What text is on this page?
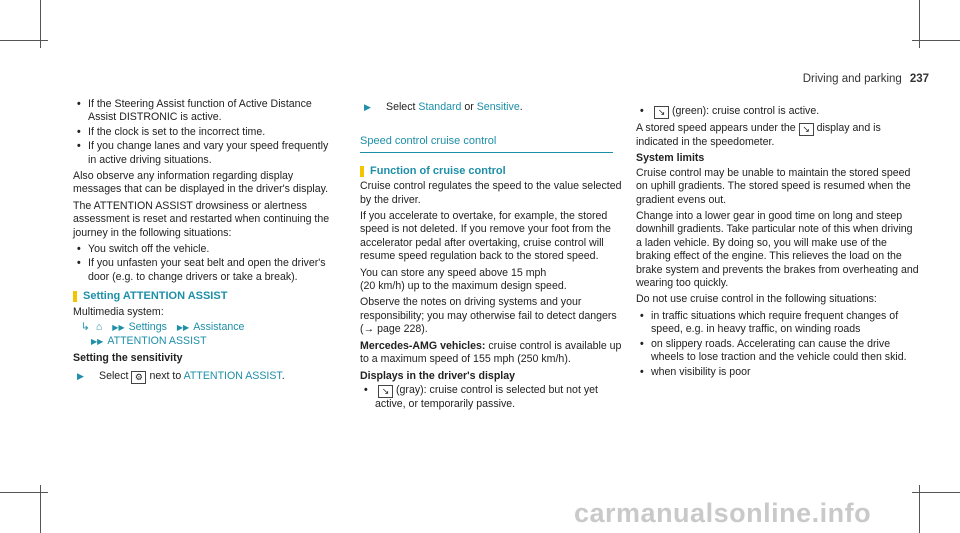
Driving and parking 237
• If the Steering Assist function of Active Distance Assist DISTRONIC is active.
• If the clock is set to the incorrect time.
• If you change lanes and vary your speed frequently in active driving situations.

Also observe any information regarding display messages that can be displayed in the driver's display.

The ATTENTION ASSIST drowsiness or alertness assessment is reset and restarted when continuing the journey in the following situations:

• You switch off the vehicle.
• If you unfasten your seat belt and open the driver's door (e.g. to change drivers or take a break).
Setting ATTENTION ASSIST
Multimedia system:
↳ ⌂ ▶▶ Settings ▶▶ Assistance
▶▶ ATTENTION ASSIST
Setting the sensitivity
▶ Select ⚙ next to ATTENTION ASSIST.
▶ Select Standard or Sensitive.
Speed control cruise control
Function of cruise control

Cruise control regulates the speed to the value selected by the driver.

If you accelerate to overtake, for example, the stored speed is not deleted. If you remove your foot from the accelerator pedal after overtaking, cruise control will resume speed regulation back to the stored speed.

You can store any speed above 15 mph
(20 km/h) up to the maximum design speed.

Observe the notes on driving systems and your responsibility; you may otherwise fail to detect dangers (→ page 228).

Mercedes-AMG vehicles: cruise control is available up to a maximum speed of 155 mph (250 km/h).

Displays in the driver's display
• ↘ (gray): cruise control is selected but not yet active, or temporarily passive.
• ↘ (green): cruise control is active.

A stored speed appears under the ↘ display and is indicated in the speedometer.

System limits

Cruise control may be unable to maintain the stored speed on uphill gradients. The stored speed is resumed when the gradient evens out.

Change into a lower gear in good time on long and steep downhill gradients. Take particular note of this when driving a laden vehicle. By doing so, you will make use of the braking effect of the engine. This relieves the load on the brake system and prevents the brakes from overheating and wearing too quickly.

Do not use cruise control in the following situations:

• in traffic situations which require frequent changes of speed, e.g. in heavy traffic, on winding roads
• on slippery roads. Accelerating can cause the drive wheels to lose traction and the vehicle could then skid.
• when visibility is poor
carmanualsonline.info
